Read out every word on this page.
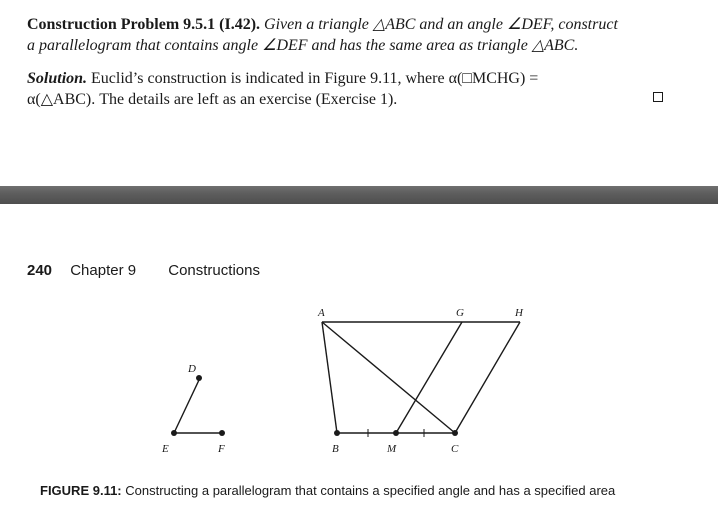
Construction Problem 9.5.1 (I.42). Given a triangle △ABC and an angle ∠DEF, construct
a parallelogram that contains angle ∠DEF and has the same area as triangle △ABC.
Solution. Euclid’s construction is indicated in Figure 9.11, where α(□MCHG) =
α(△ABC). The details are left as an exercise (Exercise 1).
240 Chapter 9 Constructions
A	G	H
D
E	F	B	M	C
FIGURE 9.11: Constructing a parallelogram that contains a specified angle and has a specified area
